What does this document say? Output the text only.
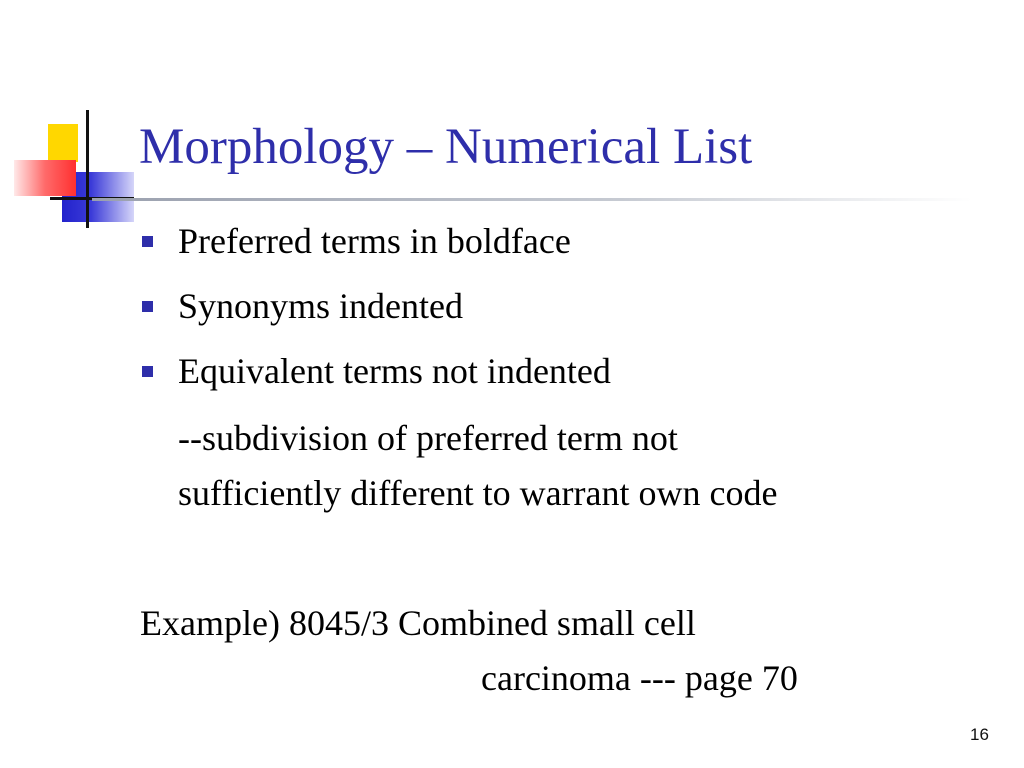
Morphology – Numerical List
Preferred terms in boldface
Synonyms indented
Equivalent terms not indented
--subdivision of preferred term not
sufficiently different to warrant own code
Example) 8045/3 Combined small cell
carcinoma --- page 70
16
